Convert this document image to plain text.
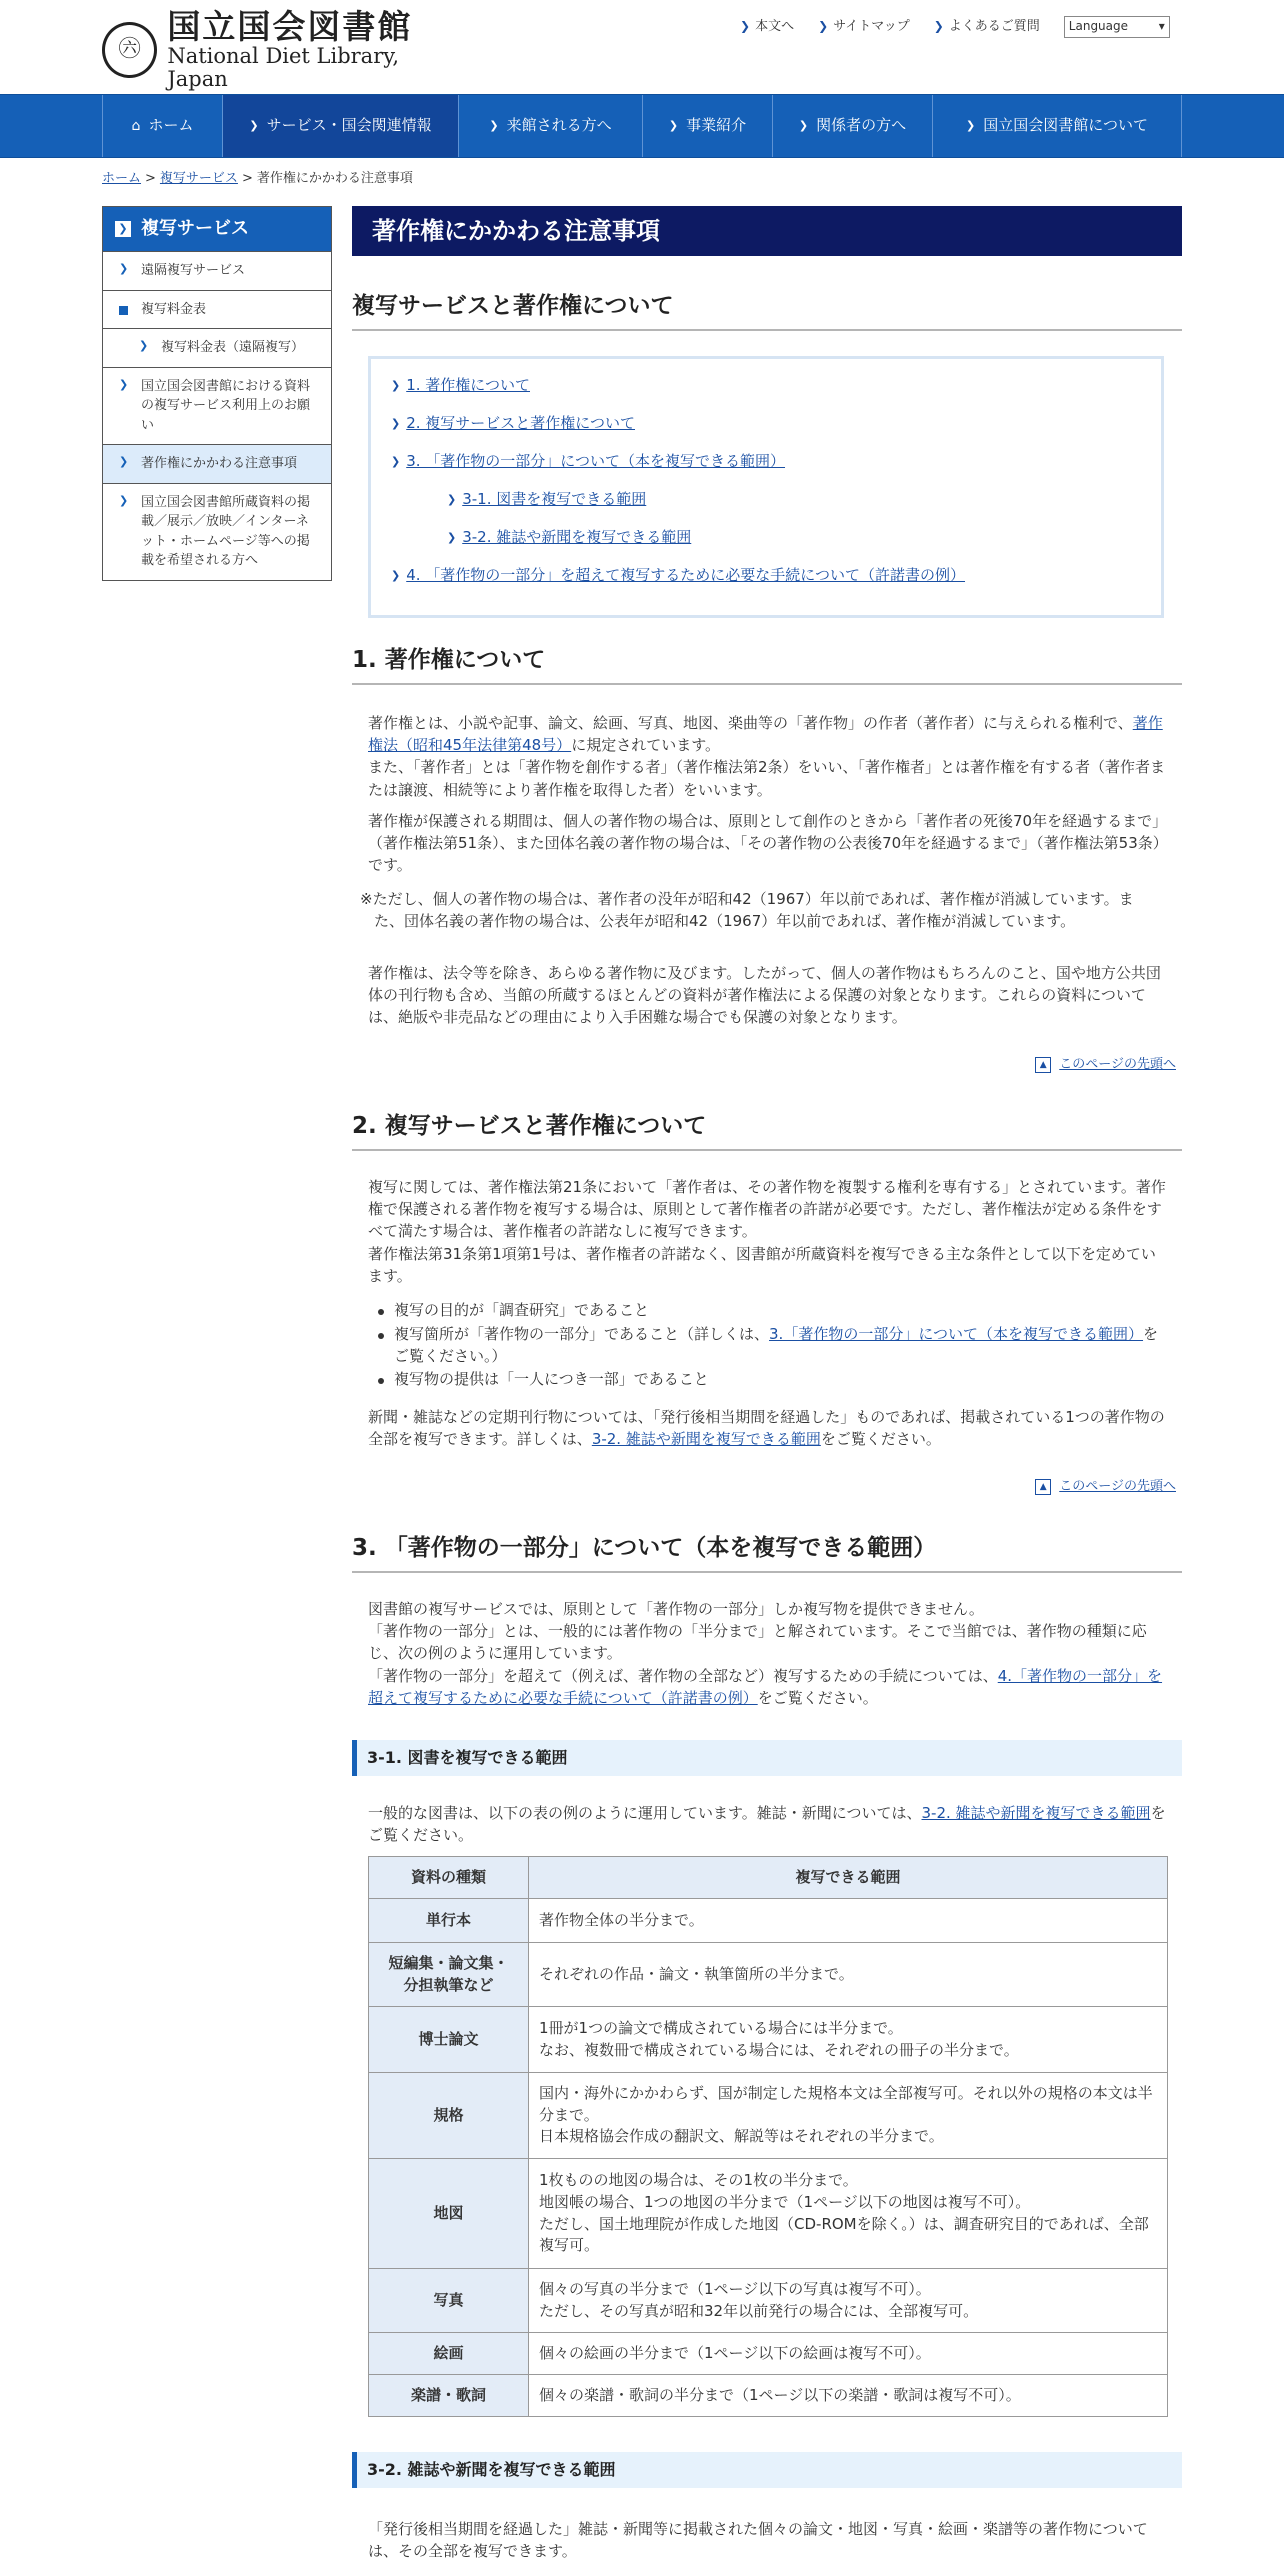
㊅
国立国会図書館
National Diet Library, Japan
❯ 本文へ ❯ サイトマップ ❯ よくあるご質問 Language	▾
⌂ ホーム	❯ サービス・国会関連情報	❯ 来館される方へ	❯ 事業紹介	❯ 関係者の方へ	❯ 国立国会図書館について
ホーム > 複写サービス > 著作権にかかわる注意事項
❯ 複写サービス
❯ 遠隔複写サービス
複写料金表
❯ 複写料金表（遠隔複写）
❯ 国立国会図書館における資料の複写サービス利用上のお願い
❯ 著作権にかかわる注意事項
❯ 国立国会図書館所蔵資料の掲載／展示／放映／インターネット・ホームページ等への掲載を希望される方へ
著作権にかかわる注意事項
複写サービスと著作権について
❯ 1. 著作権について
❯ 2. 複写サービスと著作権について
❯ 3. 「著作物の一部分」について（本を複写できる範囲）
❯ 3-1. 図書を複写できる範囲
❯ 3-2. 雑誌や新聞を複写できる範囲
❯ 4. 「著作物の一部分」を超えて複写するために必要な手続について（許諾書の例）
1. 著作権について
著作権とは、小説や記事、論文、絵画、写真、地図、楽曲等の「著作物」の作者（著作者）に与えられる権利で、著作権法（昭和45年法律第48号）に規定されています。
また、「著作者」とは「著作物を創作する者」（著作権法第2条）をいい、「著作権者」とは著作権を有する者（著作者または譲渡、相続等により著作権を取得した者）をいいます。
著作権が保護される期間は、個人の著作物の場合は、原則として創作のときから「著作者の死後70年を経過するまで」（著作権法第51条）、また団体名義の著作物の場合は、「その著作物の公表後70年を経過するまで」（著作権法第53条）です。
※ただし、個人の著作物の場合は、著作者の没年が昭和42（1967）年以前であれば、著作権が消滅しています。また、団体名義の著作物の場合は、公表年が昭和42（1967）年以前であれば、著作権が消滅しています。
著作権は、法令等を除き、あらゆる著作物に及びます。したがって、個人の著作物はもちろんのこと、国や地方公共団体の刊行物も含め、当館の所蔵するほとんどの資料が著作権法による保護の対象となります。これらの資料については、絶版や非売品などの理由により入手困難な場合でも保護の対象となります。
▲ このページの先頭へ
2. 複写サービスと著作権について
複写に関しては、著作権法第21条において「著作者は、その著作物を複製する権利を専有する」とされています。著作権で保護される著作物を複写する場合は、原則として著作権者の許諾が必要です。ただし、著作権法が定める条件をすべて満たす場合は、著作権者の許諾なしに複写できます。
著作権法第31条第1項第1号は、著作権者の許諾なく、図書館が所蔵資料を複写できる主な条件として以下を定めています。
複写の目的が「調査研究」であること
複写箇所が「著作物の一部分」であること（詳しくは、3.「著作物の一部分」について（本を複写できる範囲）をご覧ください。）
複写物の提供は「一人につき一部」であること
新聞・雑誌などの定期刊行物については、「発行後相当期間を経過した」ものであれば、掲載されている1つの著作物の全部を複写できます。詳しくは、3-2. 雑誌や新聞を複写できる範囲をご覧ください。
▲ このページの先頭へ
3. 「著作物の一部分」について（本を複写できる範囲）
図書館の複写サービスでは、原則として「著作物の一部分」しか複写物を提供できません。
「著作物の一部分」とは、一般的には著作物の「半分まで」と解されています。そこで当館では、著作物の種類に応じ、次の例のように運用しています。
「著作物の一部分」を超えて（例えば、著作物の全部など）複写するための手続については、4.「著作物の一部分」を超えて複写するために必要な手続について（許諾書の例）をご覧ください。
3-1. 図書を複写できる範囲
一般的な図書は、以下の表の例のように運用しています。雑誌・新聞については、3-2. 雑誌や新聞を複写できる範囲をご覧ください。
資料の種類	複写できる範囲
単行本	著作物全体の半分まで。
短編集・論文集・分担執筆など	それぞれの作品・論文・執筆箇所の半分まで。
博士論文	1冊が1つの論文で構成されている場合には半分まで。
なお、複数冊で構成されている場合には、それぞれの冊子の半分まで。
規格	国内・海外にかかわらず、国が制定した規格本文は全部複写可。それ以外の規格の本文は半分まで。
日本規格協会作成の翻訳文、解説等はそれぞれの半分まで。
地図	1枚ものの地図の場合は、その1枚の半分まで。
地図帳の場合、1つの地図の半分まで（1ページ以下の地図は複写不可）。
ただし、国土地理院が作成した地図（CD-ROMを除く。）は、調査研究目的であれば、全部複写可。
写真	個々の写真の半分まで（1ページ以下の写真は複写不可）。
ただし、その写真が昭和32年以前発行の場合には、全部複写可。
絵画	個々の絵画の半分まで（1ページ以下の絵画は複写不可）。
楽譜・歌詞	個々の楽譜・歌詞の半分まで（1ページ以下の楽譜・歌詞は複写不可）。
3-2. 雑誌や新聞を複写できる範囲
「発行後相当期間を経過した」雑誌・新聞等に掲載された個々の論文・地図・写真・絵画・楽譜等の著作物については、その全部を複写できます。
